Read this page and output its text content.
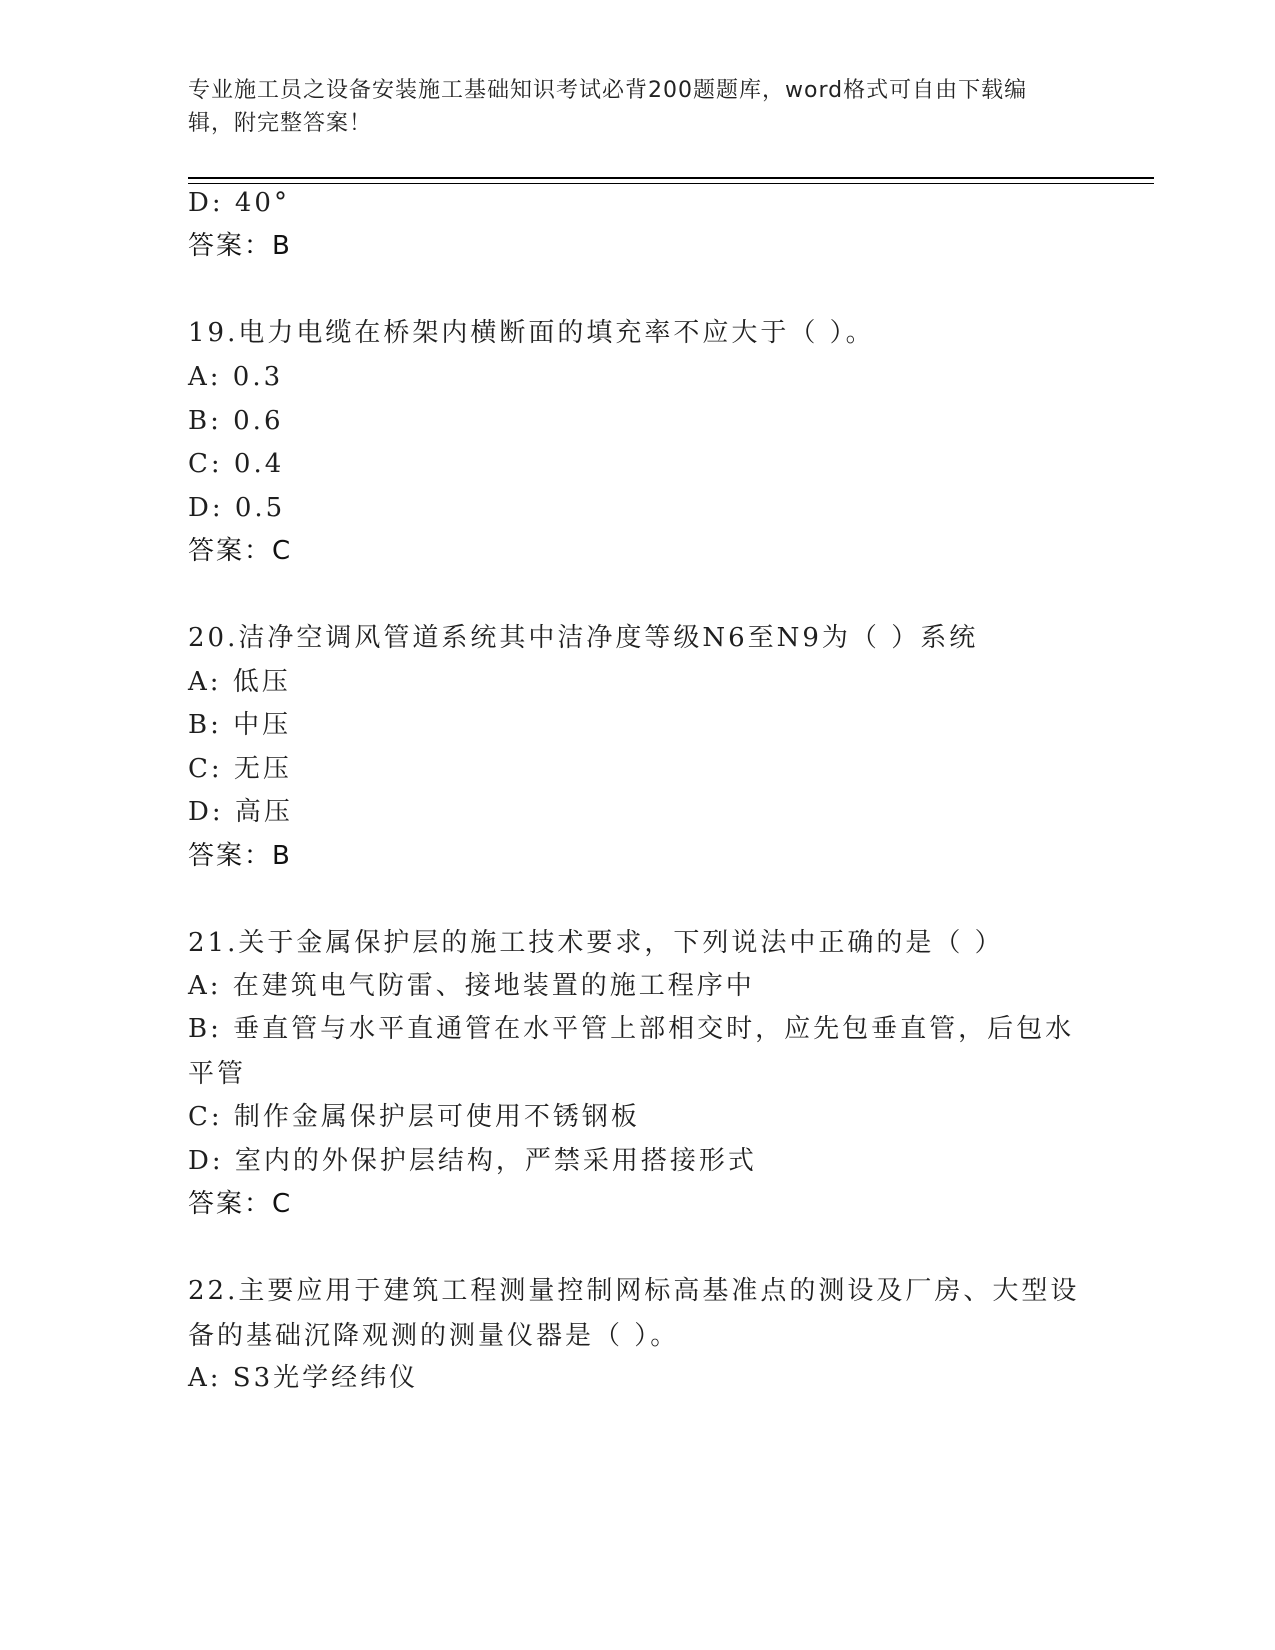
专业施工员之设备安装施工基础知识考试必背200题题库，word格式可自由下载编辑，附完整答案！
D: 40°
答案：B
19.电力电缆在桥架内横断面的填充率不应大于（ ）。
A: 0.3
B: 0.6
C: 0.4
D: 0.5
答案：C
20.洁净空调风管道系统其中洁净度等级N6至N9为（ ）系统
A: 低压
B: 中压
C: 无压
D: 高压
答案：B
21.关于金属保护层的施工技术要求，下列说法中正确的是（ ）
A: 在建筑电气防雷、接地装置的施工程序中
B: 垂直管与水平直通管在水平管上部相交时，应先包垂直管，后包水平管
C: 制作金属保护层可使用不锈钢板
D: 室内的外保护层结构，严禁采用搭接形式
答案：C
22.主要应用于建筑工程测量控制网标高基准点的测设及厂房、大型设备的基础沉降观测的测量仪器是（ ）。
A: S3光学经纬仪
